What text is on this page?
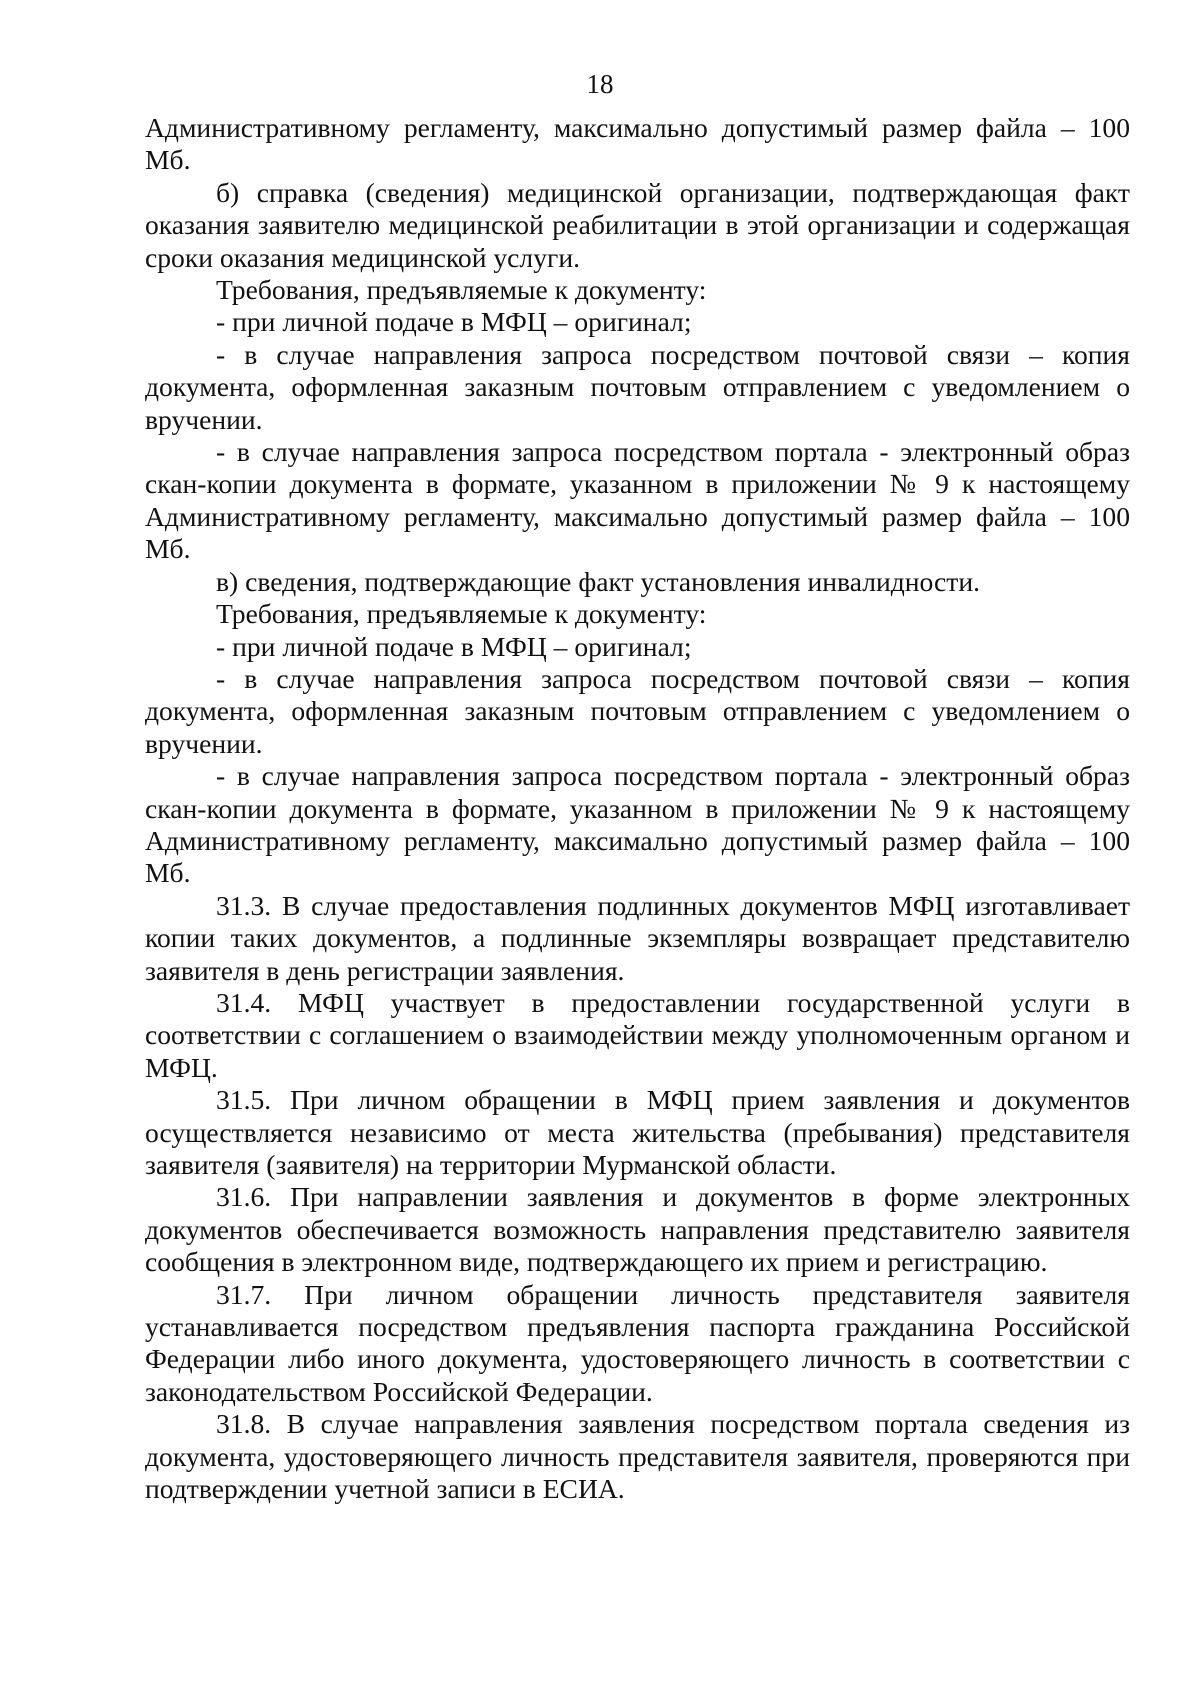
18

Административному регламенту, максимально допустимый размер файла – 100 Мб.

б) справка (сведения) медицинской организации, подтверждающая факт оказания заявителю медицинской реабилитации в этой организации и содержащая сроки оказания медицинской услуги.

Требования, предъявляемые к документу:

- при личной подаче в МФЦ – оригинал;

- в случае направления запроса посредством почтовой связи – копия документа, оформленная заказным почтовым отправлением с уведомлением о вручении.

- в случае направления запроса посредством портала - электронный образ скан-копии документа в формате, указанном в приложении № 9 к настоящему Административному регламенту, максимально допустимый размер файла – 100 Мб.

в) сведения, подтверждающие факт установления инвалидности.

Требования, предъявляемые к документу:

- при личной подаче в МФЦ – оригинал;

- в случае направления запроса посредством почтовой связи – копия документа, оформленная заказным почтовым отправлением с уведомлением о вручении.

- в случае направления запроса посредством портала - электронный образ скан-копии документа в формате, указанном в приложении № 9 к настоящему Административному регламенту, максимально допустимый размер файла – 100 Мб.

31.3. В случае предоставления подлинных документов МФЦ изготавливает копии таких документов, а подлинные экземпляры возвращает представителю заявителя в день регистрации заявления.

31.4. МФЦ участвует в предоставлении государственной услуги в соответствии с соглашением о взаимодействии между уполномоченным органом и МФЦ.

31.5. При личном обращении в МФЦ прием заявления и документов осуществляется независимо от места жительства (пребывания) представителя заявителя (заявителя) на территории Мурманской области.

31.6. При направлении заявления и документов в форме электронных документов обеспечивается возможность направления представителю заявителя сообщения в электронном виде, подтверждающего их прием и регистрацию.

31.7. При личном обращении личность представителя заявителя устанавливается посредством предъявления паспорта гражданина Российской Федерации либо иного документа, удостоверяющего личность в соответствии с законодательством Российской Федерации.

31.8. В случае направления заявления посредством портала сведения из документа, удостоверяющего личность представителя заявителя, проверяются при подтверждении учетной записи в ЕСИА.
